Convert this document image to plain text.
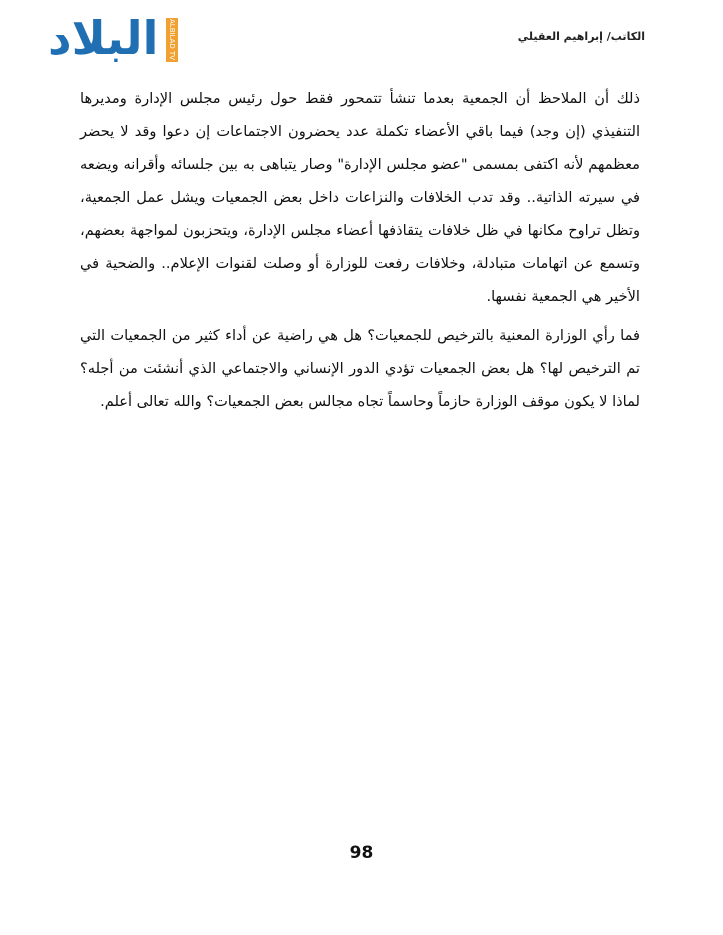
البلاد ALBILAD TV	الكاتب/ إبراهيم العقيلي

ذلك أن الملاحظ أن الجمعية بعدما تنشأ تتمحور فقط حول رئيس مجلس الإدارة ومديرها التنفيذي (إن وجد) فيما باقي الأعضاء تكملة عدد يحضرون الاجتماعات إن دعوا وقد لا يحضر معظمهم لأنه اكتفى بمسمى "عضو مجلس الإدارة" وصار يتباهى به بين جلسائه وأقرانه ويضعه في سيرته الذاتية.. وقد تدب الخلافات والنزاعات داخل بعض الجمعيات ويشل عمل الجمعية، وتظل تراوح مكانها في ظل خلافات يتقاذفها أعضاء مجلس الإدارة، ويتحزبون لمواجهة بعضهم، وتسمع عن اتهامات متبادلة، وخلافات رفعت للوزارة أو وصلت لقنوات الإعلام.. والضحية في الأخير هي الجمعية نفسها.

فما رأي الوزارة المعنية بالترخيص للجمعيات؟ هل هي راضية عن أداء كثير من الجمعيات التي تم الترخيص لها؟ هل بعض الجمعيات تؤدي الدور الإنساني والاجتماعي الذي أنشئت من أجله؟ لماذا لا يكون موقف الوزارة حازماً وحاسماً تجاه مجالس بعض الجمعيات؟ والله تعالى أعلم.

98
